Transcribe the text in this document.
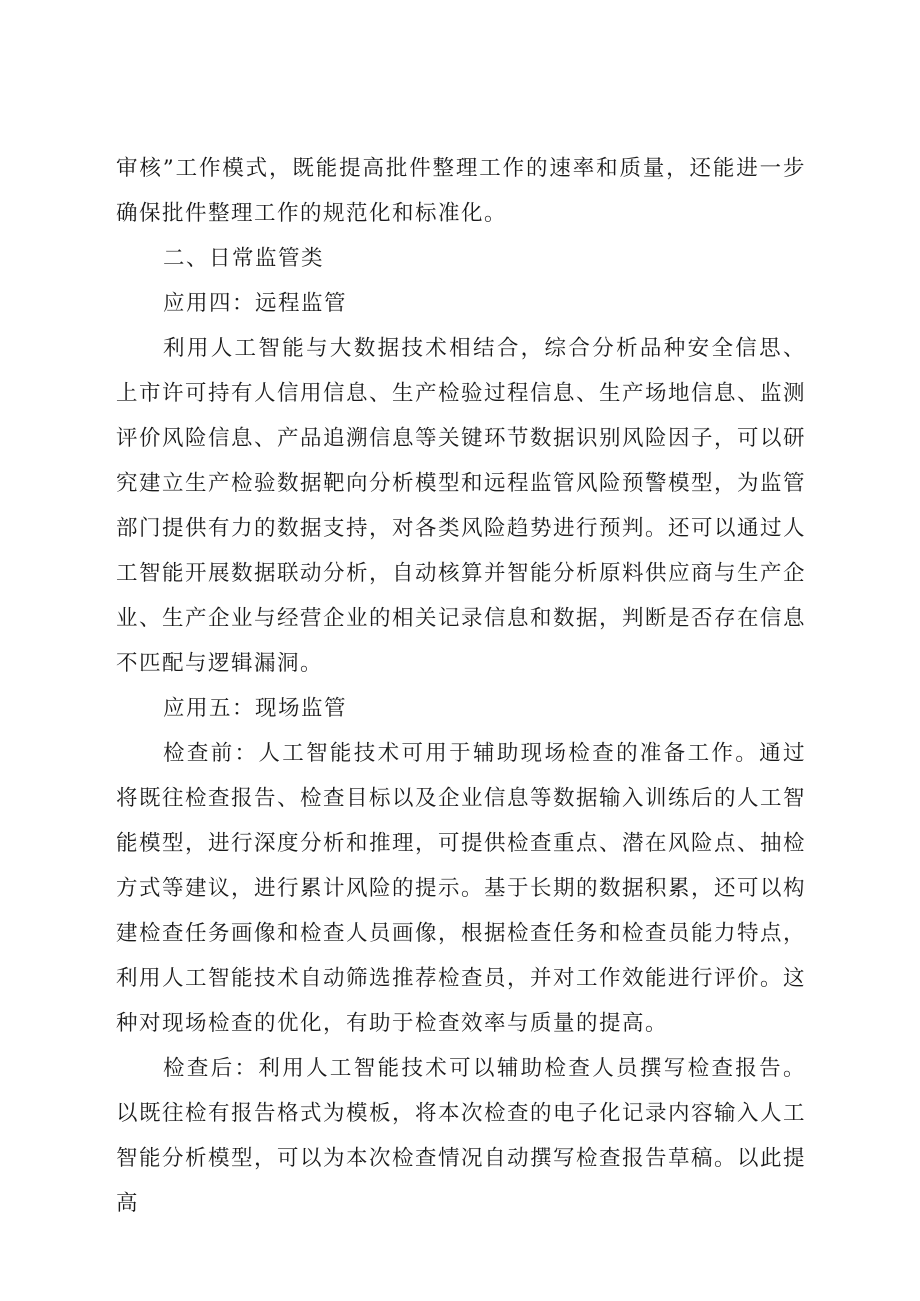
审核”工作模式，既能提高批件整理工作的速率和质量，还能进一步确保批件整理工作的规范化和标准化。

二、日常监管类

应用四：远程监管

利用人工智能与大数据技术相结合，综合分析品种安全信思、上市许可持有人信用信息、生产检验过程信息、生产场地信息、监测评价风险信息、产品追溯信息等关键环节数据识别风险因子，可以研究建立生产检验数据靶向分析模型和远程监管风险预警模型，为监管部门提供有力的数据支持，对各类风险趋势进行预判。还可以通过人工智能开展数据联动分析，自动核算并智能分析原料供应商与生产企业、生产企业与经营企业的相关记录信息和数据，判断是否存在信息不匹配与逻辑漏洞。

应用五：现场监管

检查前：人工智能技术可用于辅助现场检查的准备工作。通过将既往检查报告、检查目标以及企业信息等数据输入训练后的人工智能模型，进行深度分析和推理，可提供检查重点、潜在风险点、抽检方式等建议，进行累计风险的提示。基于长期的数据积累，还可以构建检查任务画像和检查人员画像，根据检查任务和检查员能力特点，利用人工智能技术自动筛选推荐检查员，并对工作效能进行评价。这种对现场检查的优化，有助于检查效率与质量的提高。

检查后：利用人工智能技术可以辅助检查人员撰写检查报告。以既往检有报告格式为模板，将本次检查的电子化记录内容输入人工智能分析模型，可以为本次检查情况自动撰写检查报告草稿。以此提高
